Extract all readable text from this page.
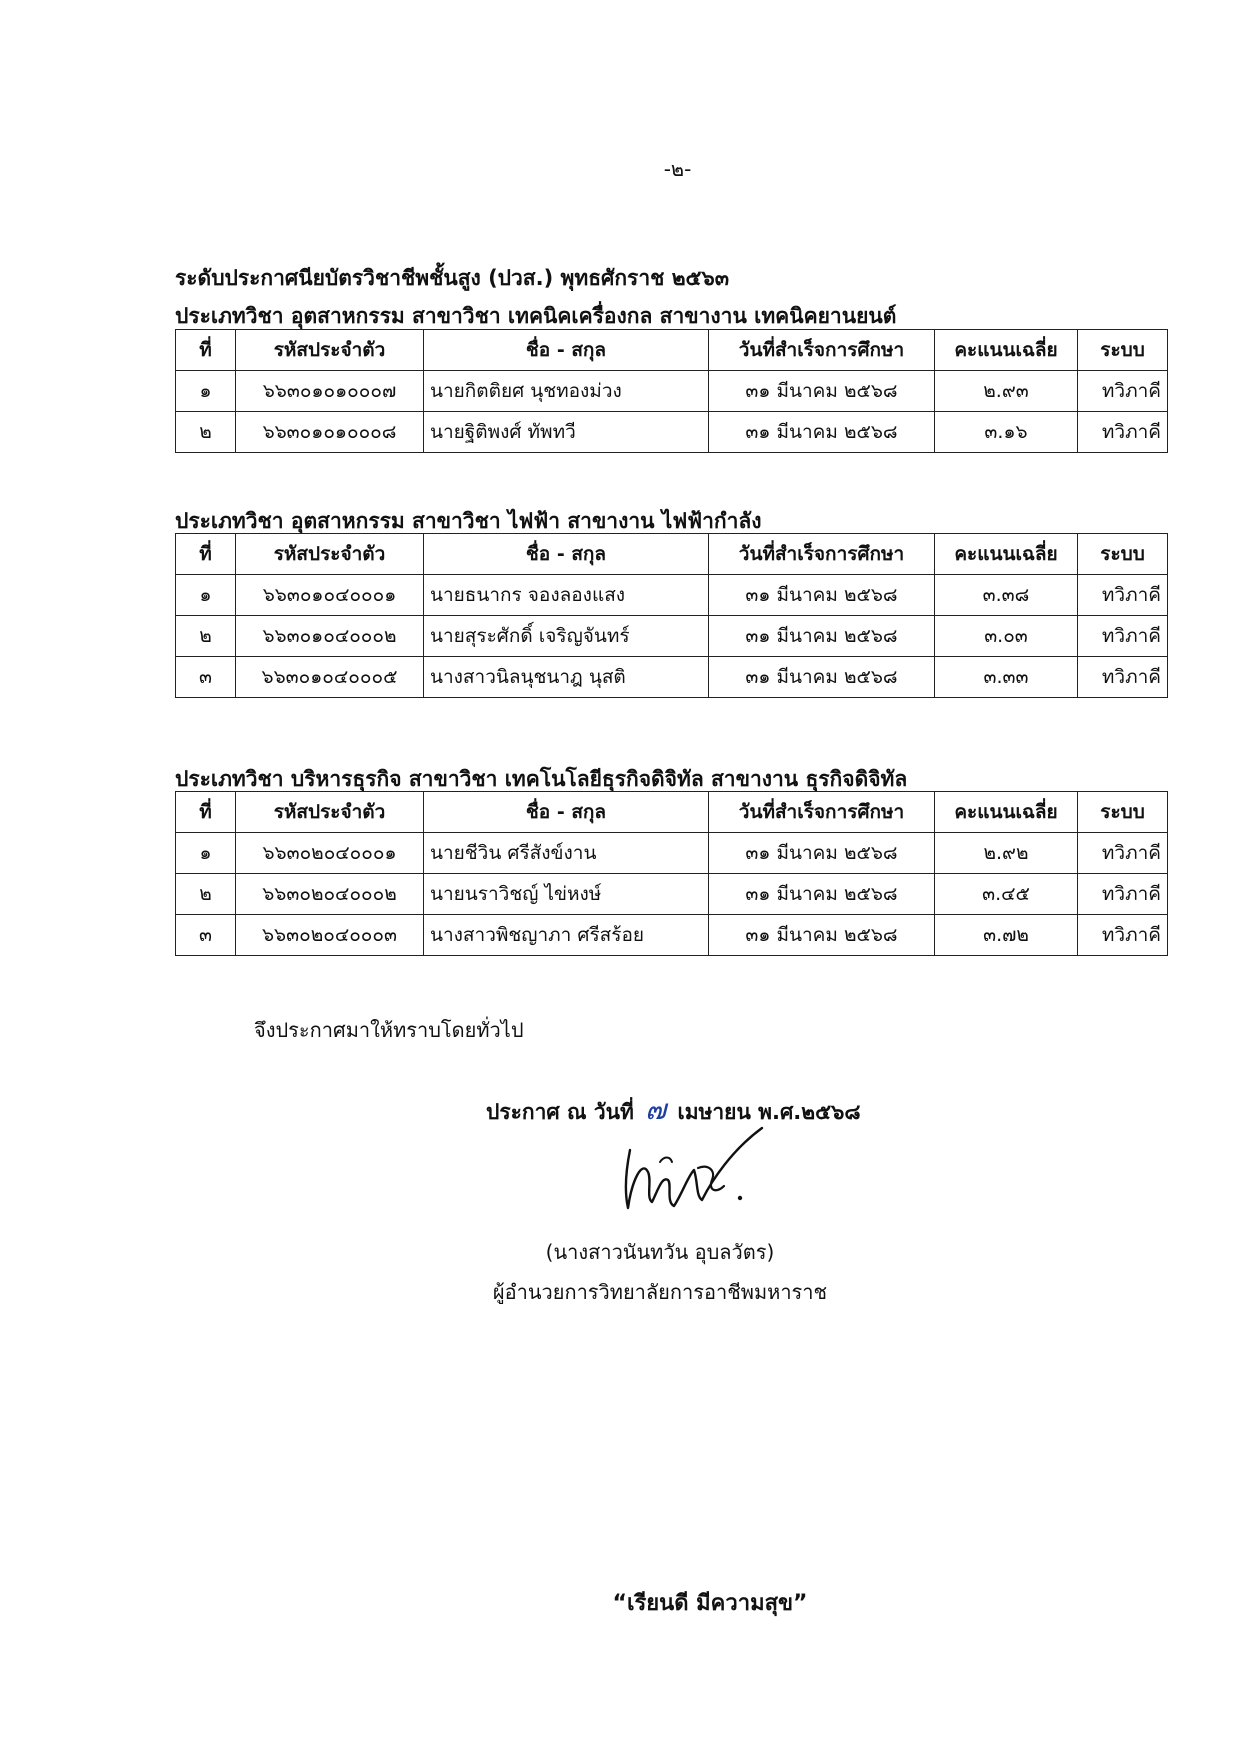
-๒-
ระดับประกาศนียบัตรวิชาชีพชั้นสูง (ปวส.) พุทธศักราช ๒๕๖๓
ประเภทวิชา อุตสาหกรรม สาขาวิชา เทคนิคเครื่องกล สาขางาน เทคนิคยานยนต์
ที่	รหัสประจำตัว	ชื่อ - สกุล	วันที่สำเร็จการศึกษา	คะแนนเฉลี่ย	ระบบ
๑	๖๖๓๐๑๐๑๐๐๐๗	นายกิตติยศ นุชทองม่วง	๓๑ มีนาคม ๒๕๖๘	๒.๙๓	ทวิภาคี
๒	๖๖๓๐๑๐๑๐๐๐๘	นายฐิติพงศ์ ทัพทวี	๓๑ มีนาคม ๒๕๖๘	๓.๑๖	ทวิภาคี
ประเภทวิชา อุตสาหกรรม สาขาวิชา ไฟฟ้า สาขางาน ไฟฟ้ากำลัง
ที่	รหัสประจำตัว	ชื่อ - สกุล	วันที่สำเร็จการศึกษา	คะแนนเฉลี่ย	ระบบ
๑	๖๖๓๐๑๐๔๐๐๐๑	นายธนากร จองลองแสง	๓๑ มีนาคม ๒๕๖๘	๓.๓๘	ทวิภาคี
๒	๖๖๓๐๑๐๔๐๐๐๒	นายสุระศักดิ์ เจริญจันทร์	๓๑ มีนาคม ๒๕๖๘	๓.๐๓	ทวิภาคี
๓	๖๖๓๐๑๐๔๐๐๐๕	นางสาวนิลนุชนาฎ นุสติ	๓๑ มีนาคม ๒๕๖๘	๓.๓๓	ทวิภาคี
ประเภทวิชา บริหารธุรกิจ สาขาวิชา เทคโนโลยีธุรกิจดิจิทัล สาขางาน ธุรกิจดิจิทัล
ที่	รหัสประจำตัว	ชื่อ - สกุล	วันที่สำเร็จการศึกษา	คะแนนเฉลี่ย	ระบบ
๑	๖๖๓๐๒๐๔๐๐๐๑	นายชีวิน ศรีสังข์งาน	๓๑ มีนาคม ๒๕๖๘	๒.๙๒	ทวิภาคี
๒	๖๖๓๐๒๐๔๐๐๐๒	นายนราวิชญ์ ไข่หงษ์	๓๑ มีนาคม ๒๕๖๘	๓.๔๕	ทวิภาคี
๓	๖๖๓๐๒๐๔๐๐๐๓	นางสาวพิชญาภา ศรีสร้อย	๓๑ มีนาคม ๒๕๖๘	๓.๗๒	ทวิภาคี
จึงประกาศมาให้ทราบโดยทั่วไป
ประกาศ ณ วันที่ ๗ เมษายน พ.ศ.๒๕๖๘
(นางสาวนันทวัน อุบลวัตร)
ผู้อำนวยการวิทยาลัยการอาชีพมหาราช
“เรียนดี มีความสุข”
